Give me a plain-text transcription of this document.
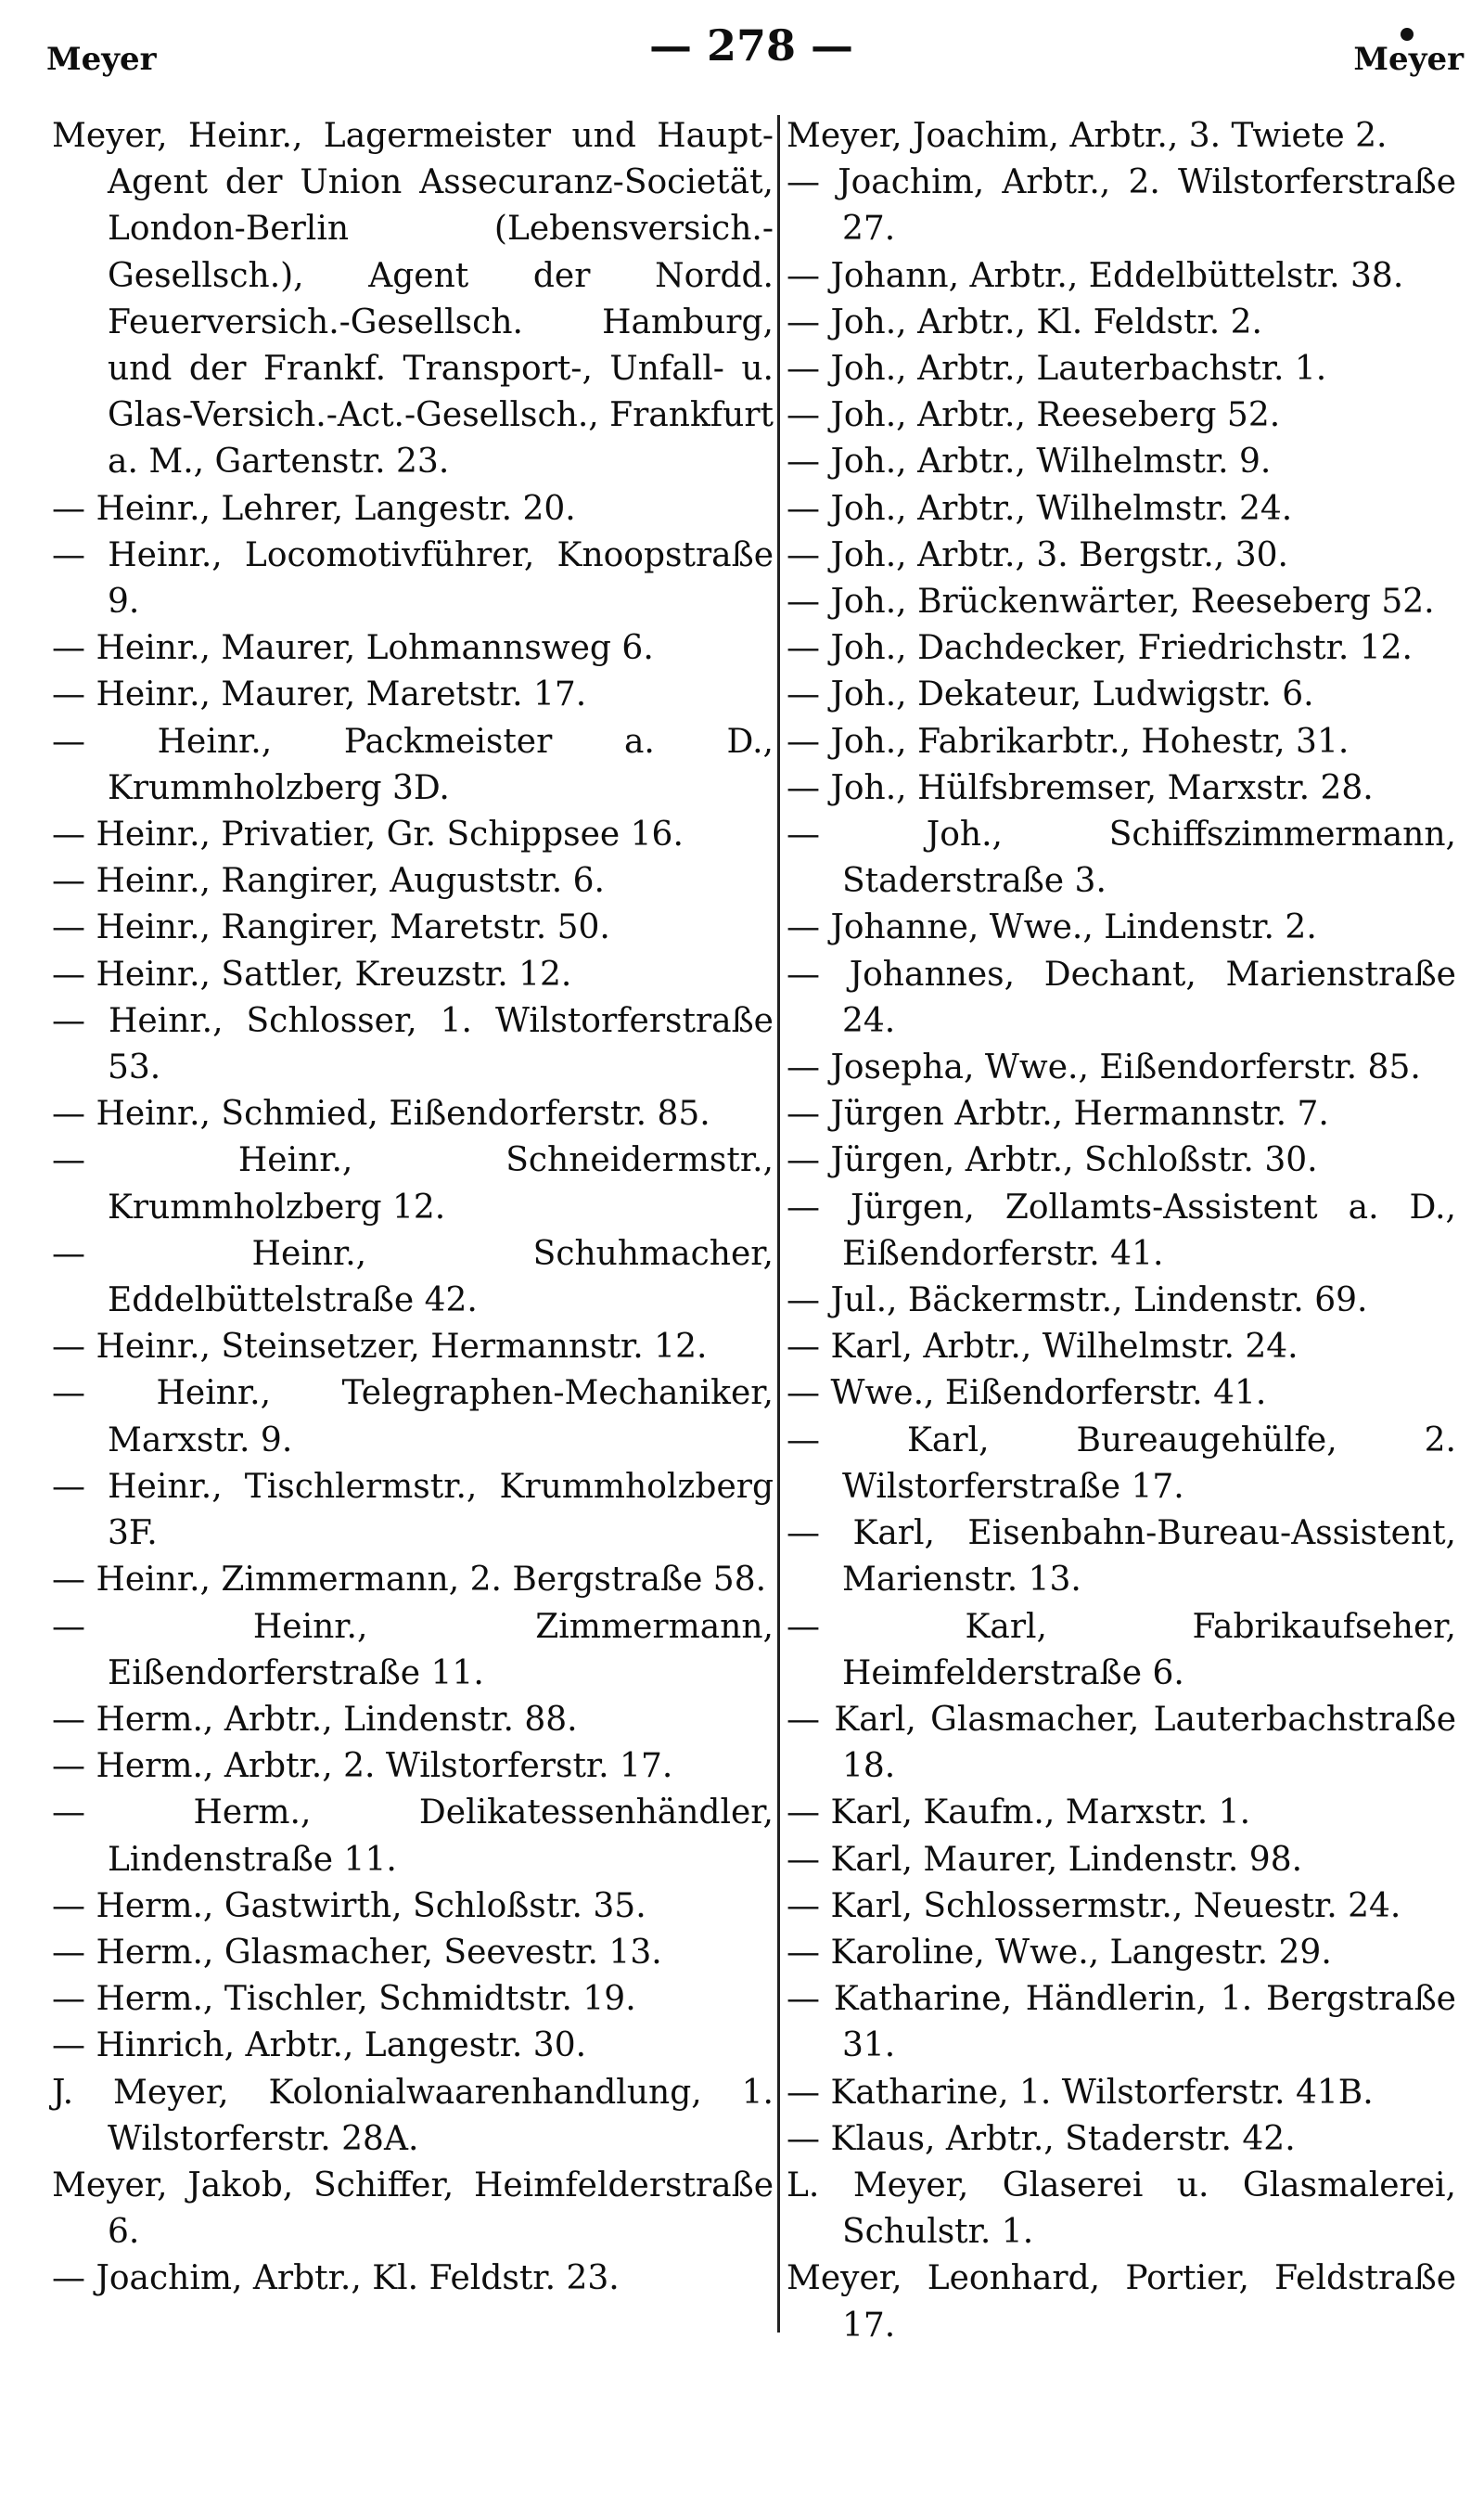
Meyer	— 278 —	Meyer
Meyer, Heinr., Lagermeister und Haupt-Agent der Union Assecuranz-Societät, London-Berlin (Lebensversich.-Gesellsch.), Agent der Nordd. Feuerversich.-Gesellsch. Hamburg, und der Frankf. Transport-, Unfall- u. Glas-Versich.-Act.-Gesellsch., Frankfurt a. M., Gartenstr. 23.
— Heinr., Lehrer, Langestr. 20.
— Heinr., Locomotivführer, Knoopstraße 9.
— Heinr., Maurer, Lohmannsweg 6.
— Heinr., Maurer, Maretstr. 17.
— Heinr., Packmeister a. D., Krummholzberg 3D.
— Heinr., Privatier, Gr. Schippsee 16.
— Heinr., Rangirer, Auguststr. 6.
— Heinr., Rangirer, Maretstr. 50.
— Heinr., Sattler, Kreuzstr. 12.
— Heinr., Schlosser, 1. Wilstorferstraße 53.
— Heinr., Schmied, Eißendorferstr. 85.
— Heinr., Schneidermstr., Krummholzberg 12.
— Heinr., Schuhmacher, Eddelbüttelstraße 42.
— Heinr., Steinsetzer, Hermannstr. 12.
— Heinr., Telegraphen-Mechaniker, Marxstr. 9.
— Heinr., Tischlermstr., Krummholzberg 3F.
— Heinr., Zimmermann, 2. Bergstraße 58.
— Heinr., Zimmermann, Eißendorferstraße 11.
— Herm., Arbtr., Lindenstr. 88.
— Herm., Arbtr., 2. Wilstorferstr. 17.
— Herm., Delikatessenhändler, Lindenstraße 11.
— Herm., Gastwirth, Schloßstr. 35.
— Herm., Glasmacher, Seevestr. 13.
— Herm., Tischler, Schmidtstr. 19.
— Hinrich, Arbtr., Langestr. 30.
J. Meyer, Kolonialwaarenhandlung, 1. Wilstorferstr. 28A.
Meyer, Jakob, Schiffer, Heimfelderstraße 6.
— Joachim, Arbtr., Kl. Feldstr. 23.
Meyer, Joachim, Arbtr., 3. Twiete 2.
— Joachim, Arbtr., 2. Wilstorferstraße 27.
— Johann, Arbtr., Eddelbüttelstr. 38.
— Joh., Arbtr., Kl. Feldstr. 2.
— Joh., Arbtr., Lauterbachstr. 1.
— Joh., Arbtr., Reeseberg 52.
— Joh., Arbtr., Wilhelmstr. 9.
— Joh., Arbtr., Wilhelmstr. 24.
— Joh., Arbtr., 3. Bergstr., 30.
— Joh., Brückenwärter, Reeseberg 52.
— Joh., Dachdecker, Friedrichstr. 12.
— Joh., Dekateur, Ludwigstr. 6.
— Joh., Fabrikarbtr., Hohestr, 31.
— Joh., Hülfsbremser, Marxstr. 28.
— Joh., Schiffszimmermann, Staderstraße 3.
— Johanne, Wwe., Lindenstr. 2.
— Johannes, Dechant, Marienstraße 24.
— Josepha, Wwe., Eißendorferstr. 85.
— Jürgen Arbtr., Hermannstr. 7.
— Jürgen, Arbtr., Schloßstr. 30.
— Jürgen, Zollamts-Assistent a. D., Eißendorferstr. 41.
— Jul., Bäckermstr., Lindenstr. 69.
— Karl, Arbtr., Wilhelmstr. 24.
— Wwe., Eißendorferstr. 41.
— Karl, Bureaugehülfe, 2. Wilstorferstraße 17.
— Karl, Eisenbahn-Bureau-Assistent, Marienstr. 13.
— Karl, Fabrikaufseher, Heimfelderstraße 6.
— Karl, Glasmacher, Lauterbachstraße 18.
— Karl, Kaufm., Marxstr. 1.
— Karl, Maurer, Lindenstr. 98.
— Karl, Schlossermstr., Neuestr. 24.
— Karoline, Wwe., Langestr. 29.
— Katharine, Händlerin, 1. Bergstraße 31.
— Katharine, 1. Wilstorferstr. 41B.
— Klaus, Arbtr., Staderstr. 42.
L. Meyer, Glaserei u. Glasmalerei, Schulstr. 1.
Meyer, Leonhard, Portier, Feldstraße 17.
